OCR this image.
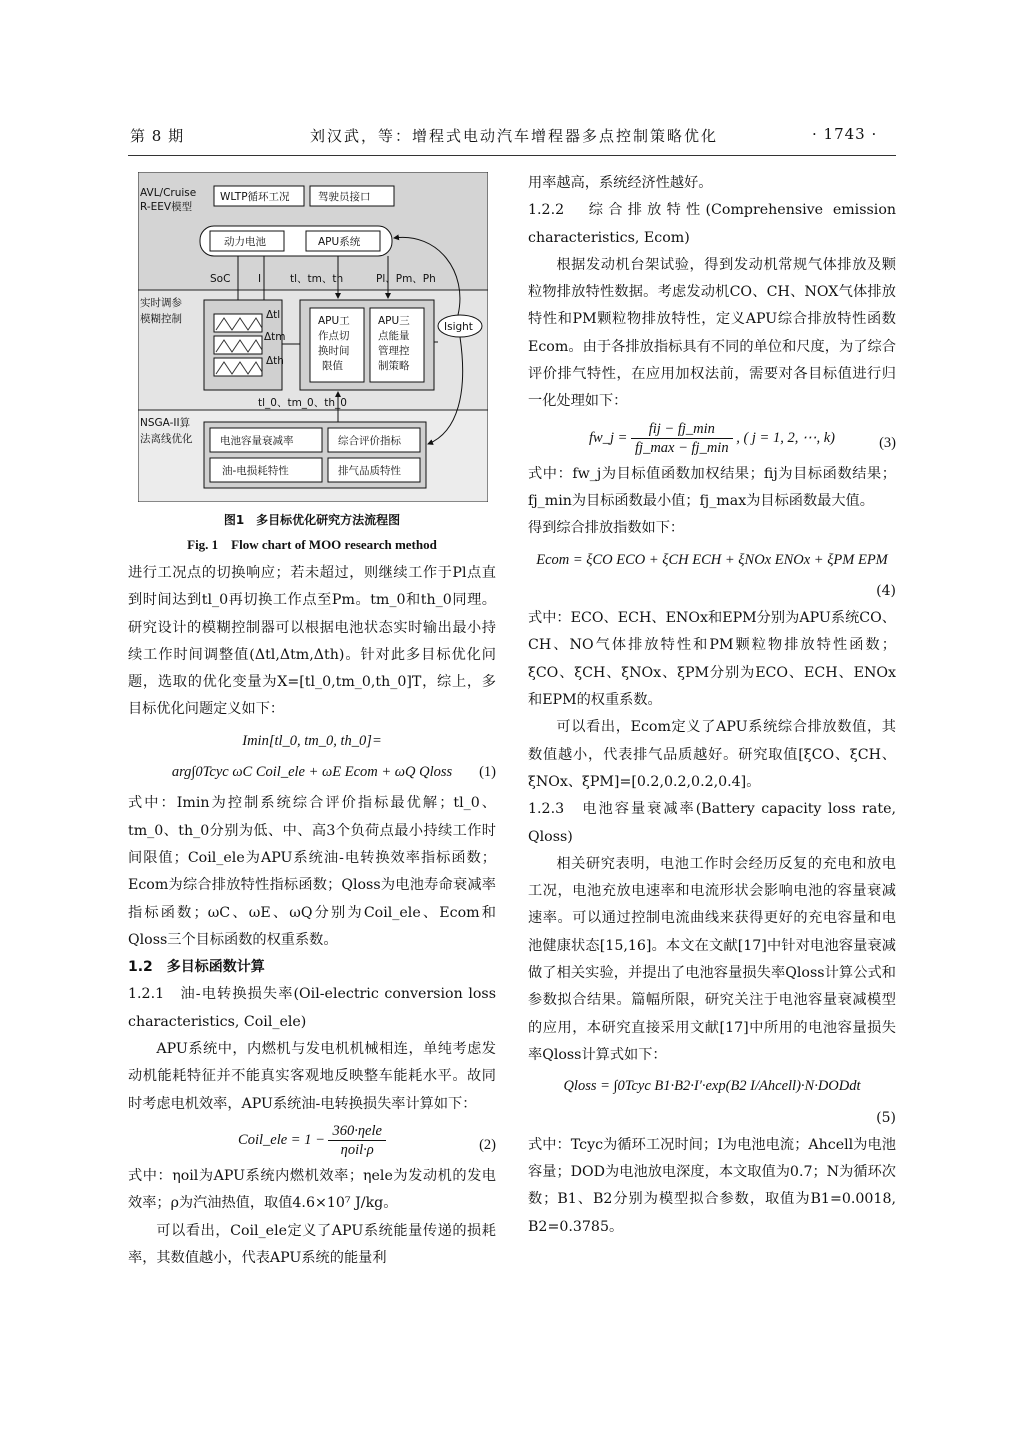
第 8 期	刘汉武，等：增程式电动汽车增程器多点控制策略优化	· 1743 ·
AVL/Cruise
R-EEV模型
WLTP循环工况	驾驶员接口
动力电池	APU系统
SoC	I	tl、tm、th	Pl、Pm、Ph
实时调参
模糊控制	Δtl
Δtm
Δth
APU工
作点切
换时间
限值
APU三
点能量
管理控
制策略
Isight
tl_0、tm_0、th_0
NSGA-II算
法离线优化	电池容量衰减率	综合评价指标
油-电损耗特性	排气品质特性
图1　多目标优化研究方法流程图
Fig. 1　Flow chart of MOO research method

进行工况点的切换响应；若未超过，则继续工作于Pl点直到时间达到tl_0再切换工作点至Pm。tm_0和th_0同理。研究设计的模糊控制器可以根据电池状态实时输出最小持续工作时间调整值(Δtl,Δtm,Δth)。针对此多目标优化问题，选取的优化变量为X=[tl_0,tm_0,th_0]T，综上，多目标优化问题定义如下：

Imin[tl_0, tm_0, th_0]=
arg∫0Tcyc ωC Coil_ele + ωE Ecom + ωQ Qloss (1)

式中：Imin为控制系统综合评价指标最优解；tl_0、tm_0、th_0分别为低、中、高3个负荷点最小持续工作时间限值；Coil_ele为APU系统油-电转换效率指标函数；Ecom为综合排放特性指标函数；Qloss为电池寿命衰减率指标函数；ωC、ωE、ωQ分别为Coil_ele、Ecom和Qloss三个目标函数的权重系数。

1.2　多目标函数计算

1.2.1　油-电转换损失率(Oil-electric conversion loss characteristics, Coil_ele)

APU系统中，内燃机与发电机机械相连，单纯考虑发动机能耗特征并不能真实客观地反映整车能耗水平。故同时考虑电机效率，APU系统油-电转换损失率计算如下：

Coil_ele = $1 - \frac{\text{360·ηele}}{\text{ηoil·ρ}}$	(2)

式中：ηoil为APU系统内燃机效率；ηele为发动机的发电效率；ρ为汽油热值，取值4.6×10⁷ J/kg。

可以看出，Coil_ele定义了APU系统能量传递的损耗率，其数值越小，代表APU系统的能量利

用率越高，系统经济性越好。

1.2.2　综合排放特性(Comprehensive emission characteristics, Ecom)

根据发动机台架试验，得到发动机常规气体排放及颗粒物排放特性数据。考虑发动机CO、CH、NOX气体排放特性和PM颗粒物排放特性，定义APU综合排放特性函数Ecom。由于各排放指标具有不同的单位和尺度，为了综合评价排气特性，在应用加权法前，需要对各目标值进行归一化处理如下：

fw_j = $\frac{\text{fij − fj\_min}}{fj\_\max - fj\_\min}$ , ( j = 1, 2, ⋯, k)	(3)

式中：fw_j为目标值函数加权结果；fij为目标函数结果；fj_min为目标函数最小值；fj_max为目标函数最大值。

得到综合排放指数如下：

Ecom = ξCO ECO + ξCH ECH + ξNOx ENOx + ξPM EPM
(4)

式中：ECO、ECH、ENOx和EPM分别为APU系统CO、CH、NO气体排放特性和PM颗粒物排放特性函数；ξCO、ξCH、ξNOx、ξPM分别为ECO、ECH、ENOx和EPM的权重系数。

可以看出，Ecom定义了APU系统综合排放数值，其数值越小，代表排气品质越好。研究取值[ξCO、ξCH、ξNOx、ξPM]=[0.2,0.2,0.2,0.4]。

1.2.3　电池容量衰减率(Battery capacity loss rate, Qloss)

相关研究表明，电池工作时会经历反复的充电和放电工况，电池充放电速率和电流形状会影响电池的容量衰减速率。可以通过控制电流曲线来获得更好的充电容量和电池健康状态[15,16]。本文在文献[17]中针对电池容量衰减做了相关实验，并提出了电池容量损失率Qloss计算公式和参数拟合结果。篇幅所限，研究关注于电池容量衰减模型的应用，本研究直接采用文献[17]中所用的电池容量损失率Qloss计算式如下：

Qloss = ∫0Tcyc B1·B2·I′·exp(B2 I/Ahcell)·N·DODdt
(5)

式中：Tcyc为循环工况时间；I为电池电流；Ahcell为电池容量；DOD为电池放电深度，本文取值为0.7；N为循环次数；B1、B2分别为模型拟合参数，取值为B1=0.0018, B2=0.3785。
